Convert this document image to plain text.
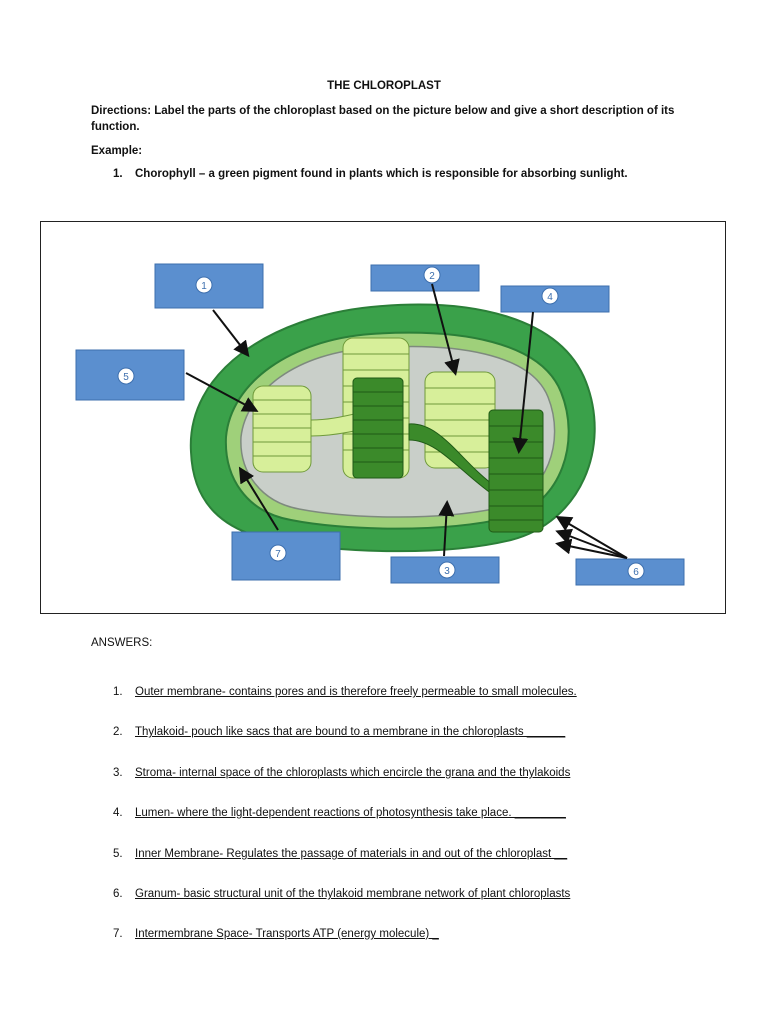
THE CHLOROPLAST
Directions: Label the parts of the chloroplast based on the picture below and give a short description of its function.
Example:
1. Chorophyll – a green pigment found in plants which is responsible for absorbing sunlight.
1
2
4
5
7
3	6
ANSWERS:
1. Outer membrane- contains pores and is therefore freely permeable to small molecules.
2. Thylakoid- pouch like sacs that are bound to a membrane in the chloroplasts ______
3. Stroma- internal space of the chloroplasts which encircle the grana and the thylakoids
4. Lumen- where the light-dependent reactions of photosynthesis take place. ________
5. Inner Membrane- Regulates the passage of materials in and out of the chloroplast __
6. Granum- basic structural unit of the thylakoid membrane network of plant chloroplasts
7. Intermembrane Space- Transports ATP (energy molecule) _
